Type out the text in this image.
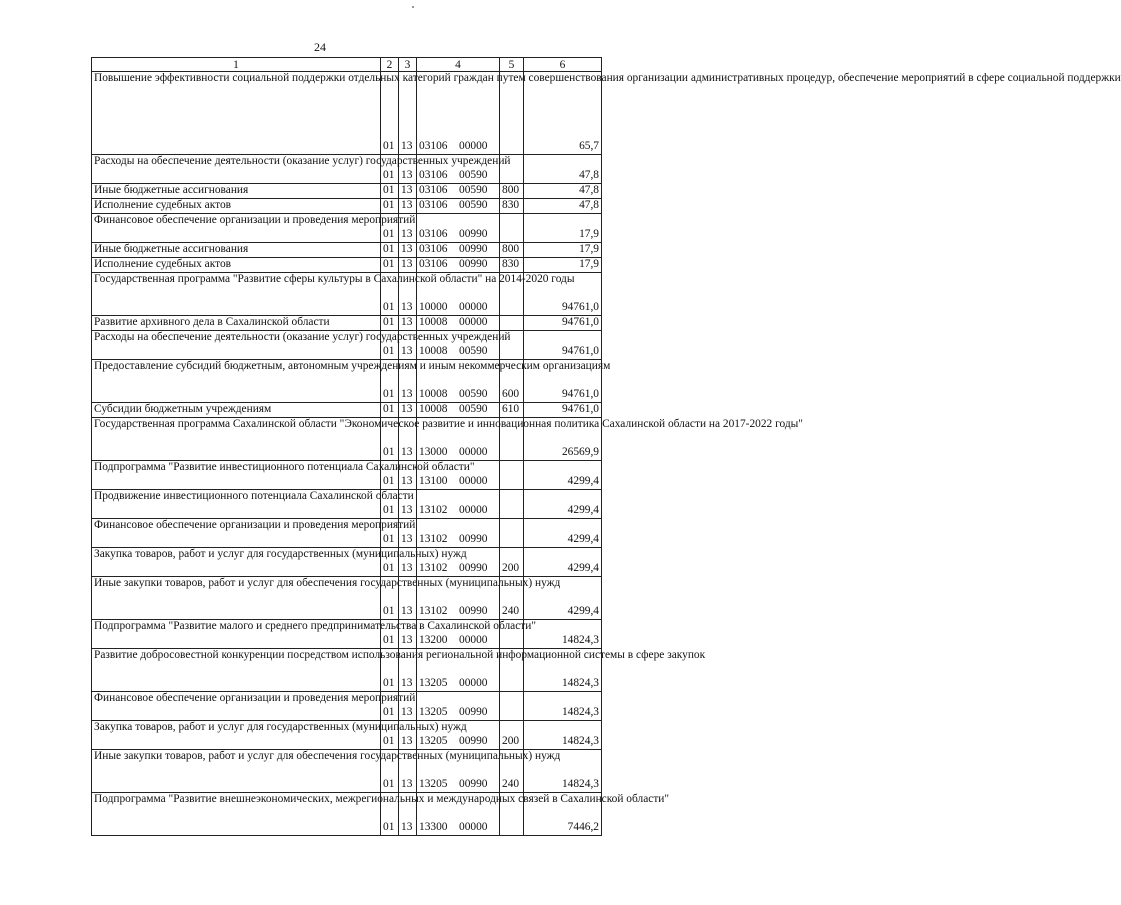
24
1	2	3	4	5	6
Повышение эффективности социальной поддержки отдельных категорий граждан путем совершенствования организации административных процедур, обеспечение мероприятий в сфере социальной поддержки	01	13	03106 00000		65,7
Расходы на обеспечение деятельности (оказание услуг) государственных учреждений	01	13	03106 00590		47,8
Иные бюджетные ассигнования	01	13	03106 00590	800	47,8
Исполнение судебных актов	01	13	03106 00590	830	47,8
Финансовое обеспечение организации и проведения мероприятий	01	13	03106 00990		17,9
Иные бюджетные ассигнования	01	13	03106 00990	800	17,9
Исполнение судебных актов	01	13	03106 00990	830	17,9
Государственная программа "Развитие сферы культуры в Сахалинской области" на 2014-2020 годы	01	13	10000 00000		94761,0
Развитие архивного дела в Сахалинской области	01	13	10008 00000		94761,0
Расходы на обеспечение деятельности (оказание услуг) государственных учреждений	01	13	10008 00590		94761,0
Предоставление субсидий бюджетным, автономным учреждениям и иным некоммерческим организациям	01	13	10008 00590	600	94761,0
Субсидии бюджетным учреждениям	01	13	10008 00590	610	94761,0
Государственная программа Сахалинской области "Экономическое развитие и инновационная политика Сахалинской области на 2017-2022 годы"	01	13	13000 00000		26569,9
Подпрограмма "Развитие инвестиционного потенциала Сахалинской области"	01	13	13100 00000		4299,4
Продвижение инвестиционного потенциала Сахалинской области	01	13	13102 00000		4299,4
Финансовое обеспечение организации и проведения мероприятий	01	13	13102 00990		4299,4
Закупка товаров, работ и услуг для государственных (муниципальных) нужд	01	13	13102 00990	200	4299,4
Иные закупки товаров, работ и услуг для обеспечения государственных (муниципальных) нужд	01	13	13102 00990	240	4299,4
Подпрограмма "Развитие малого и среднего предпринимательства в Сахалинской области"	01	13	13200 00000		14824,3
Развитие добросовестной конкуренции посредством использования региональной информационной системы в сфере закупок	01	13	13205 00000		14824,3
Финансовое обеспечение организации и проведения мероприятий	01	13	13205 00990		14824,3
Закупка товаров, работ и услуг для государственных (муниципальных) нужд	01	13	13205 00990	200	14824,3
Иные закупки товаров, работ и услуг для обеспечения государственных (муниципальных) нужд	01	13	13205 00990	240	14824,3
Подпрограмма "Развитие внешнеэкономических, межрегиональных и международных связей в Сахалинской области"	01	13	13300 00000		7446,2
